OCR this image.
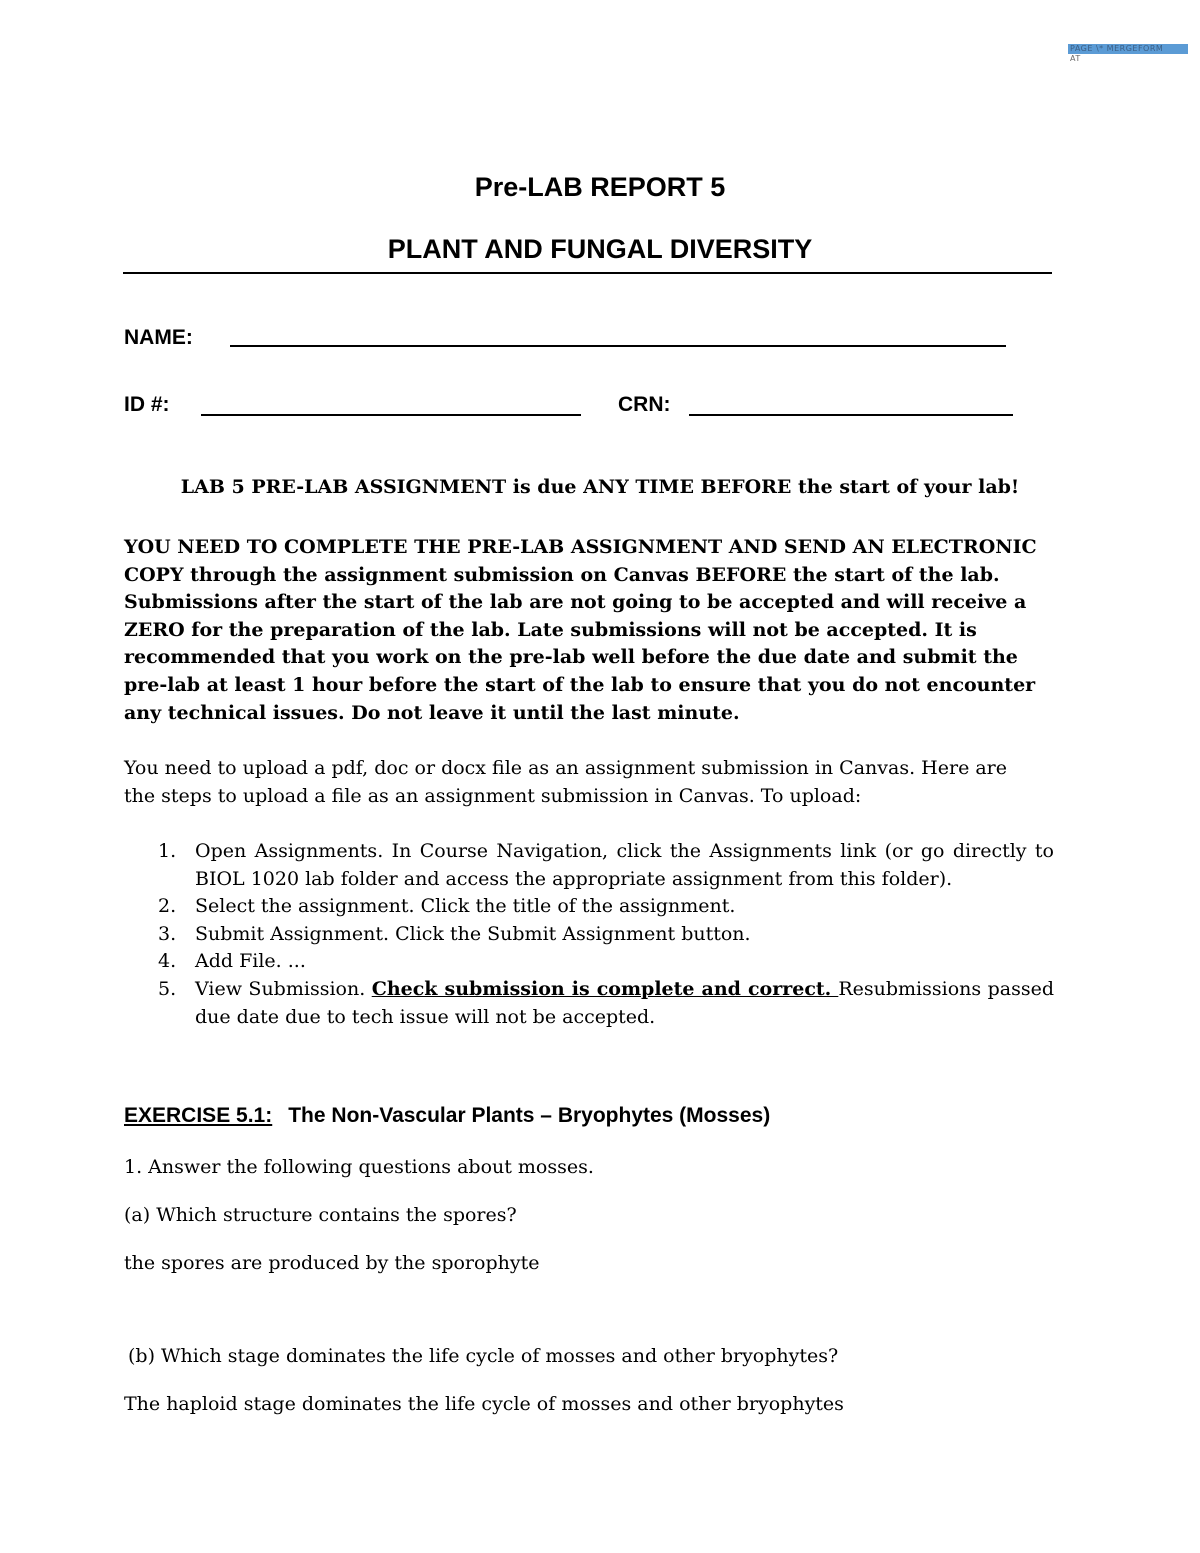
PAGE \* MERGEFORM
AT
Pre-LAB REPORT 5
PLANT AND FUNGAL DIVERSITY
NAME:
ID #:	CRN:
LAB 5 PRE-LAB ASSIGNMENT is due ANY TIME BEFORE the start of your lab!
YOU NEED TO COMPLETE THE PRE-LAB ASSIGNMENT AND SEND AN ELECTRONIC
COPY through the assignment submission on Canvas BEFORE the start of the lab.
Submissions after the start of the lab are not going to be accepted and will receive a
ZERO for the preparation of the lab. Late submissions will not be accepted. It is
recommended that you work on the pre-lab well before the due date and submit the
pre-lab at least 1 hour before the start of the lab to ensure that you do not encounter
any technical issues. Do not leave it until the last minute.
You need to upload a pdf, doc or docx file as an assignment submission in Canvas. Here are
the steps to upload a file as an assignment submission in Canvas. To upload:
1. Open Assignments. In Course Navigation, click the Assignments link (or go directly to BIOL 1020 lab folder and access the appropriate assignment from this folder).
2. Select the assignment. Click the title of the assignment.
3. Submit Assignment. Click the Submit Assignment button.
4. Add File. ...
5. View Submission. Check submission is complete and correct. Resubmissions passed due date due to tech issue will not be accepted.
EXERCISE 5.1: The Non-Vascular Plants – Bryophytes (Mosses)
1. Answer the following questions about mosses.
(a) Which structure contains the spores?
the spores are produced by the sporophyte
(b) Which stage dominates the life cycle of mosses and other bryophytes?
The haploid stage dominates the life cycle of mosses and other bryophytes
